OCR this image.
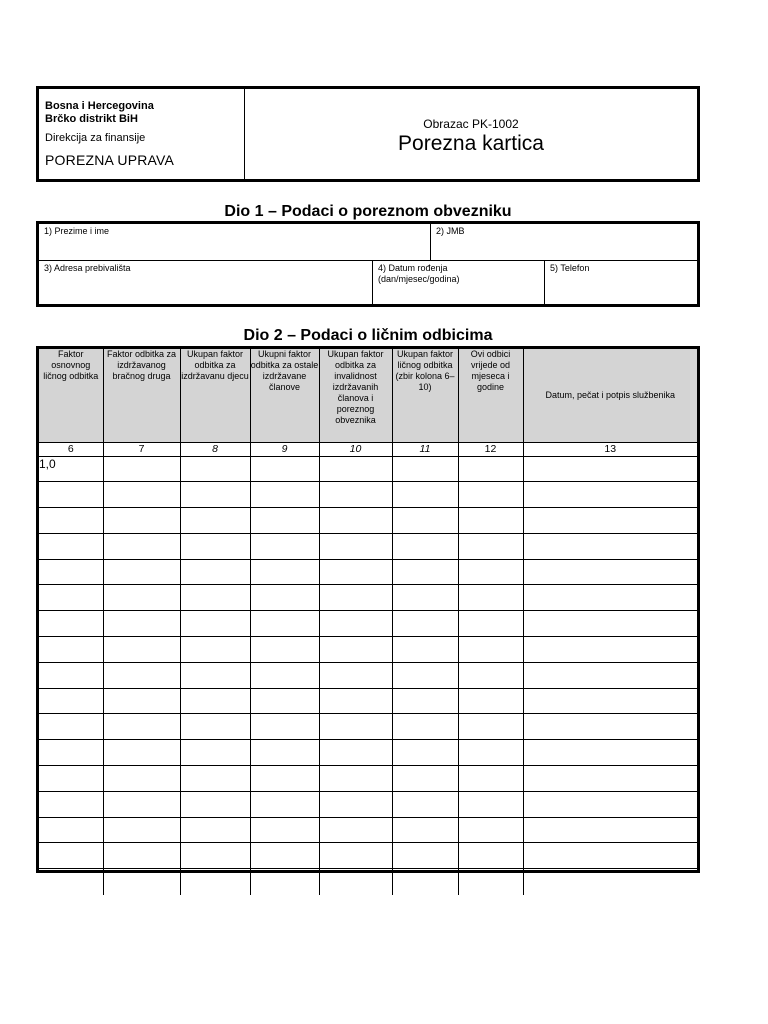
Bosna i Hercegovina
Brčko distrikt BiH
Direkcija za finansije
POREZNA UPRAVA
Obrazac PK-1002
Porezna kartica
Dio 1 – Podaci o poreznom obvezniku
1) Prezime i ime	2) JMB
3) Adresa prebivališta	4) Datum rođenja
(dan/mjesec/godina)
5) Telefon
Dio 2 – Podaci o ličnim odbicima
Faktor osnovnog ličnog odbitka	Faktor odbitka za izdržavanog bračnog druga	Ukupan faktor odbitka za izdržavanu djecu	Ukupni faktor odbitka za ostale izdržavane članove	Ukupan faktor odbitka za invalidnost izdržavanih članova i poreznog obveznika	Ukupan faktor ličnog odbitka (zbir kolona 6–10)	Ovi odbici vrijede od mjeseca i godine	Datum, pečat i potpis službenika
6	7	8	9	10	11	12	13
1,0							
